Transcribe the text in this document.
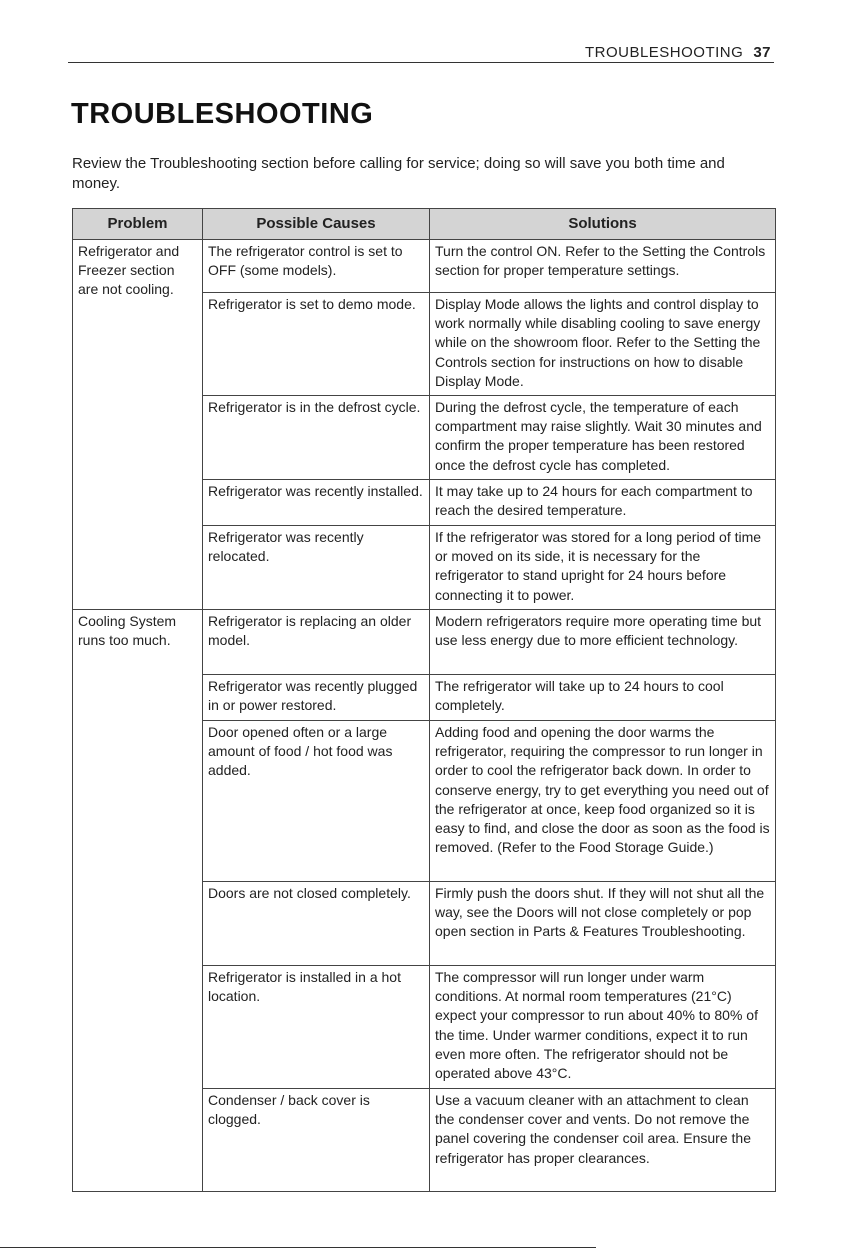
TROUBLESHOOTING 37
TROUBLESHOOTING

Review the Troubleshooting section before calling for service; doing so will save you both time and money.

Problem	Possible Causes	Solutions
Refrigerator and Freezer section are not cooling.	The refrigerator control is set to OFF (some models).	Turn the control ON. Refer to the Setting the Controls section for proper temperature settings.
	Refrigerator is set to demo mode.	Display Mode allows the lights and control display to work normally while disabling cooling to save energy while on the showroom floor. Refer to the Setting the Controls section for instructions on how to disable Display Mode.
	Refrigerator is in the defrost cycle.	During the defrost cycle, the temperature of each compartment may raise slightly. Wait 30 minutes and confirm the proper temperature has been restored once the defrost cycle has completed.
	Refrigerator was recently installed.	It may take up to 24 hours for each compartment to reach the desired temperature.
	Refrigerator was recently relocated.	If the refrigerator was stored for a long period of time or moved on its side, it is necessary for the refrigerator to stand upright for 24 hours before connecting it to power.
Cooling System runs too much.	Refrigerator is replacing an older model.	Modern refrigerators require more operating time but use less energy due to more efficient technology.
	Refrigerator was recently plugged in or power restored.	The refrigerator will take up to 24 hours to cool completely.
	Door opened often or a large amount of food / hot food was added.	Adding food and opening the door warms the refrigerator, requiring the compressor to run longer in order to cool the refrigerator back down. In order to conserve energy, try to get everything you need out of the refrigerator at once, keep food organized so it is easy to find, and close the door as soon as the food is removed. (Refer to the Food Storage Guide.)
	Doors are not closed completely.	Firmly push the doors shut. If they will not shut all the way, see the Doors will not close completely or pop open section in Parts & Features Troubleshooting.
	Refrigerator is installed in a hot location.	The compressor will run longer under warm conditions. At normal room temperatures (21°C) expect your compressor to run about 40% to 80% of the time. Under warmer conditions, expect it to run even more often. The refrigerator should not be operated above 43°C.
	Condenser / back cover is clogged.	Use a vacuum cleaner with an attachment to clean the condenser cover and vents. Do not remove the panel covering the condenser coil area. Ensure the refrigerator has proper clearances.
